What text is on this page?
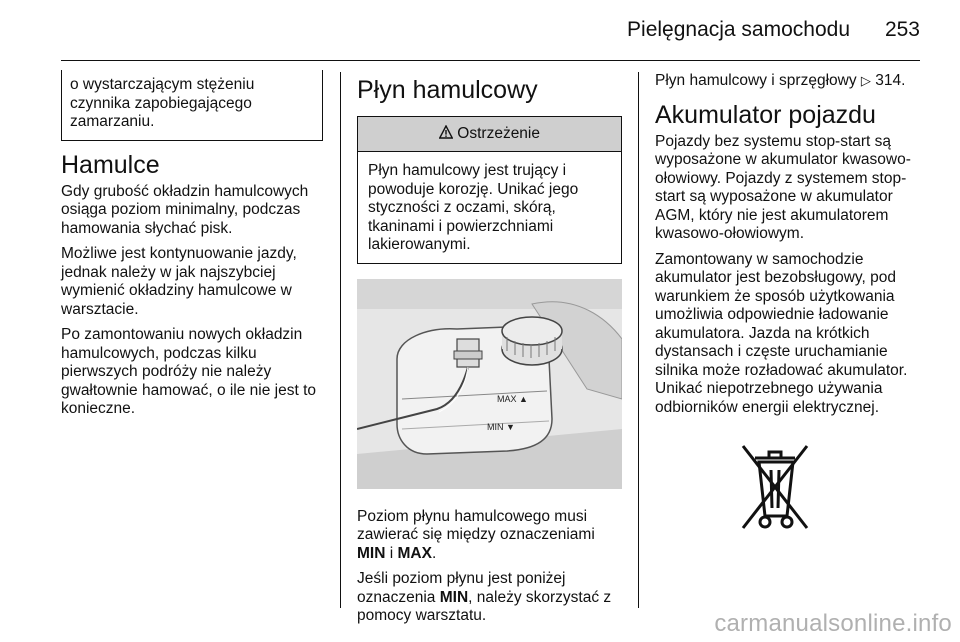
Pielęgnacja samochodu 253

o wystarczającym stężeniu czynnika zapobiegającego zamarzaniu.

Hamulce

Gdy grubość okładzin hamulcowych osiąga poziom minimalny, podczas hamowania słychać pisk.

Możliwe jest kontynuowanie jazdy, jednak należy w jak najszybciej wymienić okładziny hamulcowe w warsztacie.

Po zamontowaniu nowych okładzin hamulcowych, podczas kilku pierwszych podróży nie należy gwałtownie hamować, o ile nie jest to konieczne.

Płyn hamulcowy
Ostrzeżenie

Płyn hamulcowy jest trujący i powoduje korozję. Unikać jego styczności z oczami, skórą, tkaninami i powierzchniami lakierowanymi.

MAX ▲
MIN ▼

Poziom płynu hamulcowego musi zawierać się między oznaczeniami MIN i MAX.

Jeśli poziom płynu jest poniżej oznaczenia MIN, należy skorzystać z pomocy warsztatu.

Płyn hamulcowy i sprzęgłowy ▷ 314.

Akumulator pojazdu

Pojazdy bez systemu stop-start są wyposażone w akumulator kwasowo-ołowiowy. Pojazdy z systemem stop-start są wyposażone w akumulator AGM, który nie jest akumulatorem kwasowo-ołowiowym.

Zamontowany w samochodzie akumulator jest bezobsługowy, pod warunkiem że sposób użytkowania umożliwia odpowiednie ładowanie akumulatora. Jazda na krótkich dystansach i częste uruchamianie silnika może rozładować akumulator. Unikać niepotrzebnego używania odbiorników energii elektrycznej.

carmanualsonline.info
